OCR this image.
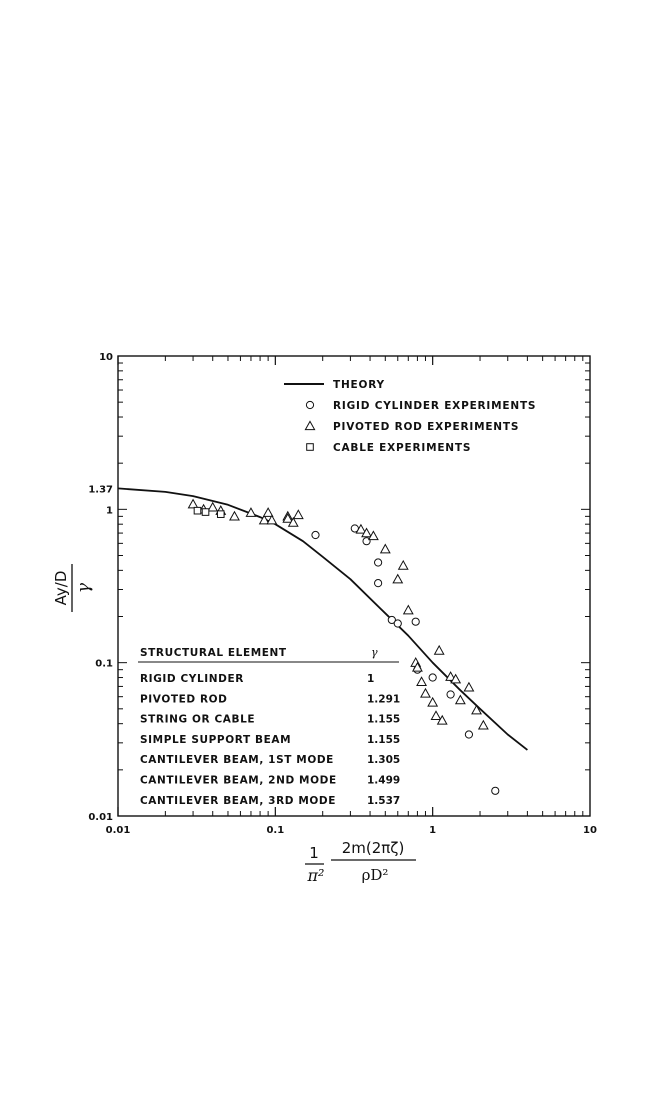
0.01	0.1	1	10
0.01
0.1
1
10
1.37
THEORY
RIGID CYLINDER EXPERIMENTS
PIVOTED ROD EXPERIMENTS
CABLE EXPERIMENTS
STRUCTURAL ELEMENT	γ
RIGID CYLINDER	1
PIVOTED ROD	1.291
STRING OR CABLE	1.155
SIMPLE SUPPORT BEAM	1.155
CANTILEVER BEAM, 1ST MODE	1.305
CANTILEVER BEAM, 2ND MODE	1.499
CANTILEVER BEAM, 3RD MODE	1.537
Ay/D γ
1
π²
2m(2πζ)
ρD²
